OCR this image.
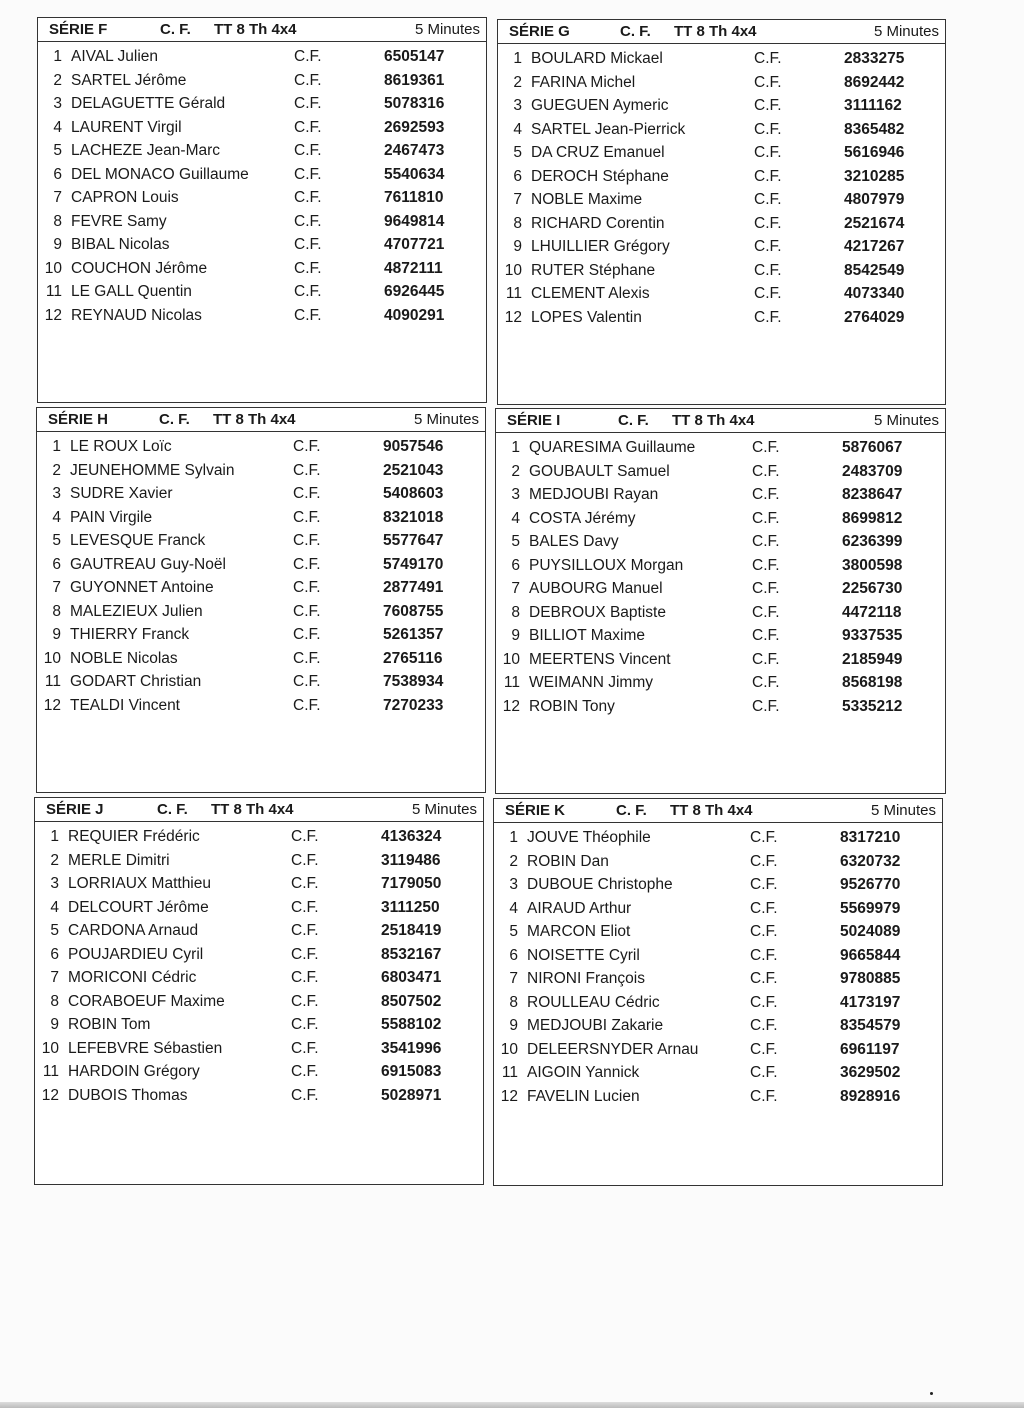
SÉRIE F	C. F. TT 8 Th 4x4	5 Minutes
1 AIVAL Julien	C.F.	6505147
2 SARTEL Jérôme	C.F.	8619361
3 DELAGUETTE Gérald	C.F.	5078316
4 LAURENT Virgil	C.F.	2692593
5 LACHEZE Jean-Marc	C.F.	2467473
6 DEL MONACO Guillaume	C.F.	5540634
7 CAPRON Louis	C.F.	7611810
8 FEVRE Samy	C.F.	9649814
9 BIBAL Nicolas	C.F.	4707721
10 COUCHON Jérôme	C.F.	4872111
11 LE GALL Quentin	C.F.	6926445
12 REYNAUD Nicolas	C.F.	4090291
SÉRIE G	C. F. TT 8 Th 4x4	5 Minutes
1 BOULARD Mickael	C.F.	2833275
2 FARINA Michel	C.F.	8692442
3 GUEGUEN Aymeric	C.F.	3111162
4 SARTEL Jean-Pierrick	C.F.	8365482
5 DA CRUZ Emanuel	C.F.	5616946
6 DEROCH Stéphane	C.F.	3210285
7 NOBLE Maxime	C.F.	4807979
8 RICHARD Corentin	C.F.	2521674
9 LHUILLIER Grégory	C.F.	4217267
10 RUTER Stéphane	C.F.	8542549
11 CLEMENT Alexis	C.F.	4073340
12 LOPES Valentin	C.F.	2764029
SÉRIE H	C. F. TT 8 Th 4x4	5 Minutes
1 LE ROUX Loïc	C.F.	9057546
2 JEUNEHOMME Sylvain	C.F.	2521043
3 SUDRE Xavier	C.F.	5408603
4 PAIN Virgile	C.F.	8321018
5 LEVESQUE Franck	C.F.	5577647
6 GAUTREAU Guy-Noël	C.F.	5749170
7 GUYONNET Antoine	C.F.	2877491
8 MALEZIEUX Julien	C.F.	7608755
9 THIERRY Franck	C.F.	5261357
10 NOBLE Nicolas	C.F.	2765116
11 GODART Christian	C.F.	7538934
12 TEALDI Vincent	C.F.	7270233
SÉRIE I	C. F. TT 8 Th 4x4	5 Minutes
1 QUARESIMA Guillaume	C.F.	5876067
2 GOUBAULT Samuel	C.F.	2483709
3 MEDJOUBI Rayan	C.F.	8238647
4 COSTA Jérémy	C.F.	8699812
5 BALES Davy	C.F.	6236399
6 PUYSILLOUX Morgan	C.F.	3800598
7 AUBOURG Manuel	C.F.	2256730
8 DEBROUX Baptiste	C.F.	4472118
9 BILLIOT Maxime	C.F.	9337535
10 MEERTENS Vincent	C.F.	2185949
11 WEIMANN Jimmy	C.F.	8568198
12 ROBIN Tony	C.F.	5335212
SÉRIE J	C. F. TT 8 Th 4x4	5 Minutes
1 REQUIER Frédéric	C.F.	4136324
2 MERLE Dimitri	C.F.	3119486
3 LORRIAUX Matthieu	C.F.	7179050
4 DELCOURT Jérôme	C.F.	3111250
5 CARDONA Arnaud	C.F.	2518419
6 POUJARDIEU Cyril	C.F.	8532167
7 MORICONI Cédric	C.F.	6803471
8 CORABOEUF Maxime	C.F.	8507502
9 ROBIN Tom	C.F.	5588102
10 LEFEBVRE Sébastien	C.F.	3541996
11 HARDOIN Grégory	C.F.	6915083
12 DUBOIS Thomas	C.F.	5028971
SÉRIE K	C. F. TT 8 Th 4x4	5 Minutes
1 JOUVE Théophile	C.F.	8317210
2 ROBIN Dan	C.F.	6320732
3 DUBOUE Christophe	C.F.	9526770
4 AIRAUD Arthur	C.F.	5569979
5 MARCON Eliot	C.F.	5024089
6 NOISETTE Cyril	C.F.	9665844
7 NIRONI François	C.F.	9780885
8 ROULLEAU Cédric	C.F.	4173197
9 MEDJOUBI Zakarie	C.F.	8354579
10 DELEERSNYDER Arnau	C.F.	6961197
11 AIGOIN Yannick	C.F.	3629502
12 FAVELIN Lucien	C.F.	8928916
